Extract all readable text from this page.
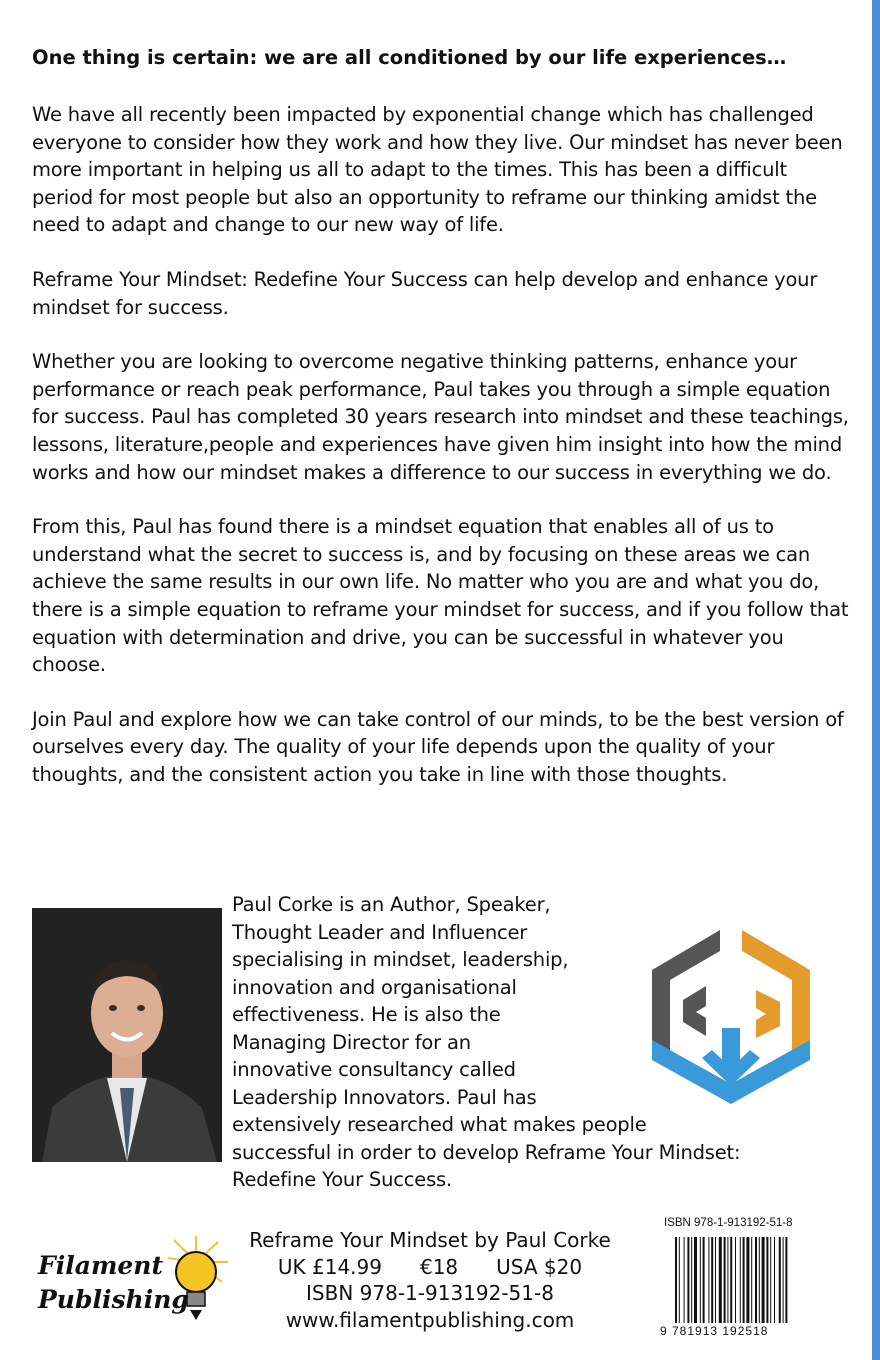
One thing is certain: we are all conditioned by our life experiences…

We have all recently been impacted by exponential change which has challenged everyone to consider how they work and how they live. Our mindset has never been more important in helping us all to adapt to the times. This has been a difficult period for most people but also an opportunity to reframe our thinking amidst the need to adapt and change to our new way of life.

Reframe Your Mindset: Redefine Your Success can help develop and enhance your mindset for success.

Whether you are looking to overcome negative thinking patterns, enhance your performance or reach peak performance, Paul takes you through a simple equation for success. Paul has completed 30 years research into mindset and these teachings, lessons, literature,people and experiences have given him insight into how the mind works and how our mindset makes a difference to our success in everything we do.

From this, Paul has found there is a mindset equation that enables all of us to understand what the secret to success is, and by focusing on these areas we can achieve the same results in our own life. No matter who you are and what you do, there is a simple equation to reframe your mindset for success, and if you follow that equation with determination and drive, you can be successful in whatever you choose.

Join Paul and explore how we can take control of our minds, to be the best version of ourselves every day. The quality of your life depends upon the quality of your thoughts, and the consistent action you take in line with those thoughts.

Paul Corke is an Author, Speaker,
Thought Leader and Influencer
specialising in mindset, leadership,
innovation and organisational
effectiveness. He is also the
Managing Director for an
innovative consultancy called
Leadership Innovators. Paul has
extensively researched what makes people
successful in order to develop Reframe Your Mindset:
Redefine Your Success.
Filament
Publishing
Reframe Your Mindset by Paul Corke
UK £14.99 €18 USA $20
ISBN 978-1-913192-51-8
www.filamentpublishing.com
ISBN 978-1-913192-51-8
9 781913 192518
